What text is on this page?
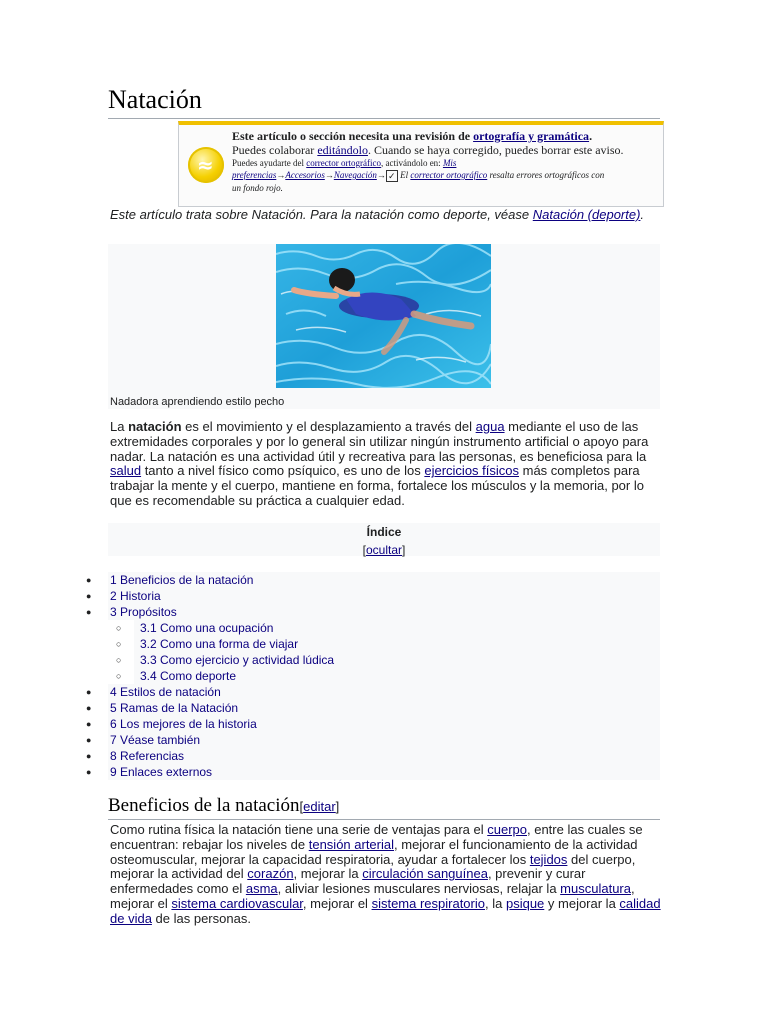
Natación
≈
Este artículo o sección necesita una revisión de ortografía y gramática.
Puedes colaborar editándolo. Cuando se haya corregido, puedes borrar este aviso.
Puedes ayudarte del corrector ortográfico, activándolo en: Mis
preferencias→Accesorios→Navegación→ ✓ El corrector ortográfico resalta errores ortográficos con
un fondo rojo.
Este artículo trata sobre Natación. Para la natación como deporte, véase Natación (deporte).
Nadadora aprendiendo estilo pecho
La natación es el movimiento y el desplazamiento a través del agua mediante el uso de las extremidades corporales y por lo general sin utilizar ningún instrumento artificial o apoyo para nadar. La natación es una actividad útil y recreativa para las personas, es beneficiosa para la salud tanto a nivel físico como psíquico, es uno de los ejercicios físicos más completos para trabajar la mente y el cuerpo, mantiene en forma, fortalece los músculos y la memoria, por lo que es recomendable su práctica a cualquier edad.
Índice
[ocultar]
● 1 Beneficios de la natación
● 2 Historia
● 3 Propósitos
○ 3.1 Como una ocupación
○ 3.2 Como una forma de viajar
○ 3.3 Como ejercicio y actividad lúdica
○ 3.4 Como deporte
● 4 Estilos de natación
● 5 Ramas de la Natación
● 6 Los mejores de la historia
● 7 Véase también
● 8 Referencias
● 9 Enlaces externos
Beneficios de la natación[editar]
Como rutina física la natación tiene una serie de ventajas para el cuerpo, entre las cuales se encuentran: rebajar los niveles de tensión arterial, mejorar el funcionamiento de la actividad osteomuscular, mejorar la capacidad respiratoria, ayudar a fortalecer los tejidos del cuerpo, mejorar la actividad del corazón, mejorar la circulación sanguínea, prevenir y curar enfermedades como el asma, aliviar lesiones musculares nerviosas, relajar la musculatura, mejorar el sistema cardiovascular, mejorar el sistema respiratorio, la psique y mejorar la calidad de vida de las personas.
